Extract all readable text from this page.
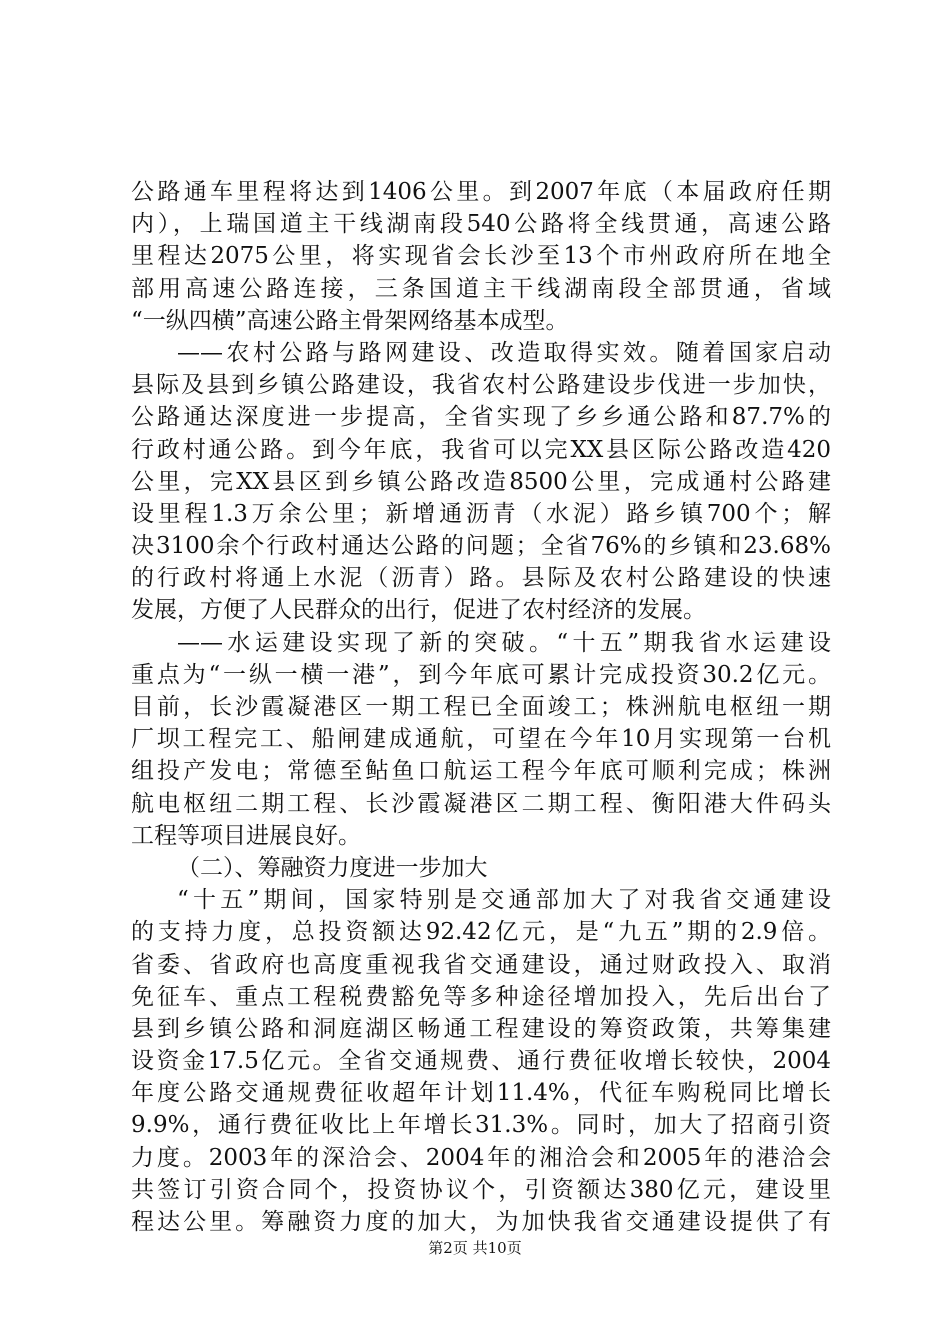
公路通车里程将达到1406公里。到2007年底（本届政府任期
内），上瑞国道主干线湖南段540公路将全线贯通，高速公路
里程达2075公里，将实现省会长沙至13个市州政府所在地全
部用高速公路连接，三条国道主干线湖南段全部贯通，省域
“一纵四横”高速公路主骨架网络基本成型。
——农村公路与路网建设、改造取得实效。随着国家启动
县际及县到乡镇公路建设，我省农村公路建设步伐进一步加快，
公路通达深度进一步提高，全省实现了乡乡通公路和87.7%的
行政村通公路。到今年底，我省可以完XX县区际公路改造420
公里，完XX县区到乡镇公路改造8500公里，完成通村公路建
设里程1.3万余公里；新增通沥青（水泥）路乡镇700个；解
决3100余个行政村通达公路的问题；全省76%的乡镇和23.68%
的行政村将通上水泥（沥青）路。县际及农村公路建设的快速
发展，方便了人民群众的出行，促进了农村经济的发展。
——水运建设实现了新的突破。“十五”期我省水运建设
重点为“一纵一横一港”，到今年底可累计完成投资30.2亿元。
目前，长沙霞凝港区一期工程已全面竣工；株洲航电枢纽一期
厂坝工程完工、船闸建成通航，可望在今年10月实现第一台机
组投产发电；常德至鲇鱼口航运工程今年底可顺利完成；株洲
航电枢纽二期工程、长沙霞凝港区二期工程、衡阳港大件码头
工程等项目进展良好。
（二）、筹融资力度进一步加大
“十五”期间，国家特别是交通部加大了对我省交通建设
的支持力度，总投资额达92.42亿元，是“九五”期的2.9倍。
省委、省政府也高度重视我省交通建设，通过财政投入、取消
免征车、重点工程税费豁免等多种途径增加投入，先后出台了
县到乡镇公路和洞庭湖区畅通工程建设的筹资政策，共筹集建
设资金17.5亿元。全省交通规费、通行费征收增长较快，2004
年度公路交通规费征收超年计划11.4%，代征车购税同比增长
9.9%，通行费征收比上年增长31.3%。同时，加大了招商引资
力度。2003年的深洽会、2004年的湘洽会和2005年的港洽会
共签订引资合同个，投资协议个，引资额达380亿元，建设里
程达公里。筹融资力度的加大，为加快我省交通建设提供了有
第2页 共10页
